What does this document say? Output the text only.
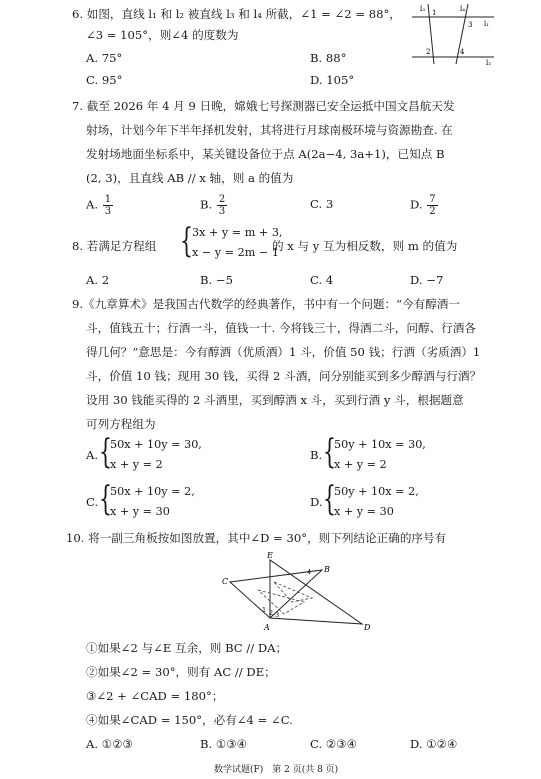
6. 如图，直线 l₁ 和 l₂ 被直线 l₃ 和 l₄ 所截，∠1 = ∠2 = 88°，
∠3 = 105°，则∠4 的度数为
A. 75°	B. 88°
C. 95°	D. 105°
l₃	l₄
l₁
l₂
1
2
3
4
7. 截至 2026 年 4 月 9 日晚，嫦娥七号探测器已安全运抵中国文昌航天发
射场，计划今年下半年择机发射，其将进行月球南极环境与资源勘查. 在
发射场地面坐标系中，某关键设备位于点 A(2a−4, 3a+1)，已知点 B
(2, 3)，且直线 AB // x 轴，则 a 的值为
A. $\frac{1}{3}$	B. $\frac{2}{3}$	C. 3	D. $\frac{7}{2}$
8. 若满足方程组 { 3x + y = m + 3,
x − y = 2m − 1
的 x 与 y 互为相反数，则 m 的值为
A. 2	B. −5	C. 4	D. −7
9.《九章算术》是我国古代数学的经典著作，书中有一个问题：“今有醇酒一
斗，值钱五十；行酒一斗，值钱一十. 今将钱三十，得酒二斗，问醇、行酒各
得几何？”意思是：今有醇酒（优质酒）1 斗，价值 50 钱；行酒（劣质酒）1
斗，价值 10 钱；现用 30 钱，买得 2 斗酒，问分别能买到多少醇酒与行酒？
设用 30 钱能买得的 2 斗酒里，买到醇酒 x 斗，买到行酒 y 斗，根据题意
可列方程组为
A. {
50x + 10y = 30,
x + y = 2
B. {
50y + 10x = 30,
x + y = 2
C. {
50x + 10y = 2,
x + y = 30
D. {
50y + 10x = 2,
x + y = 30
10. 将一副三角板按如图放置，其中∠D = 30°，则下列结论正确的序号有
E
C
B
A	D
1 2 3
4
①如果∠2 与∠E 互余，则 BC // DA；
②如果∠2 = 30°，则有 AC // DE；
③∠2 + ∠CAD = 180°；
④如果∠CAD = 150°，必有∠4 = ∠C.
A. ①②③	B. ①③④	C. ②③④	D. ①②④
数学试题(F)　第 2 页(共 8 页)
